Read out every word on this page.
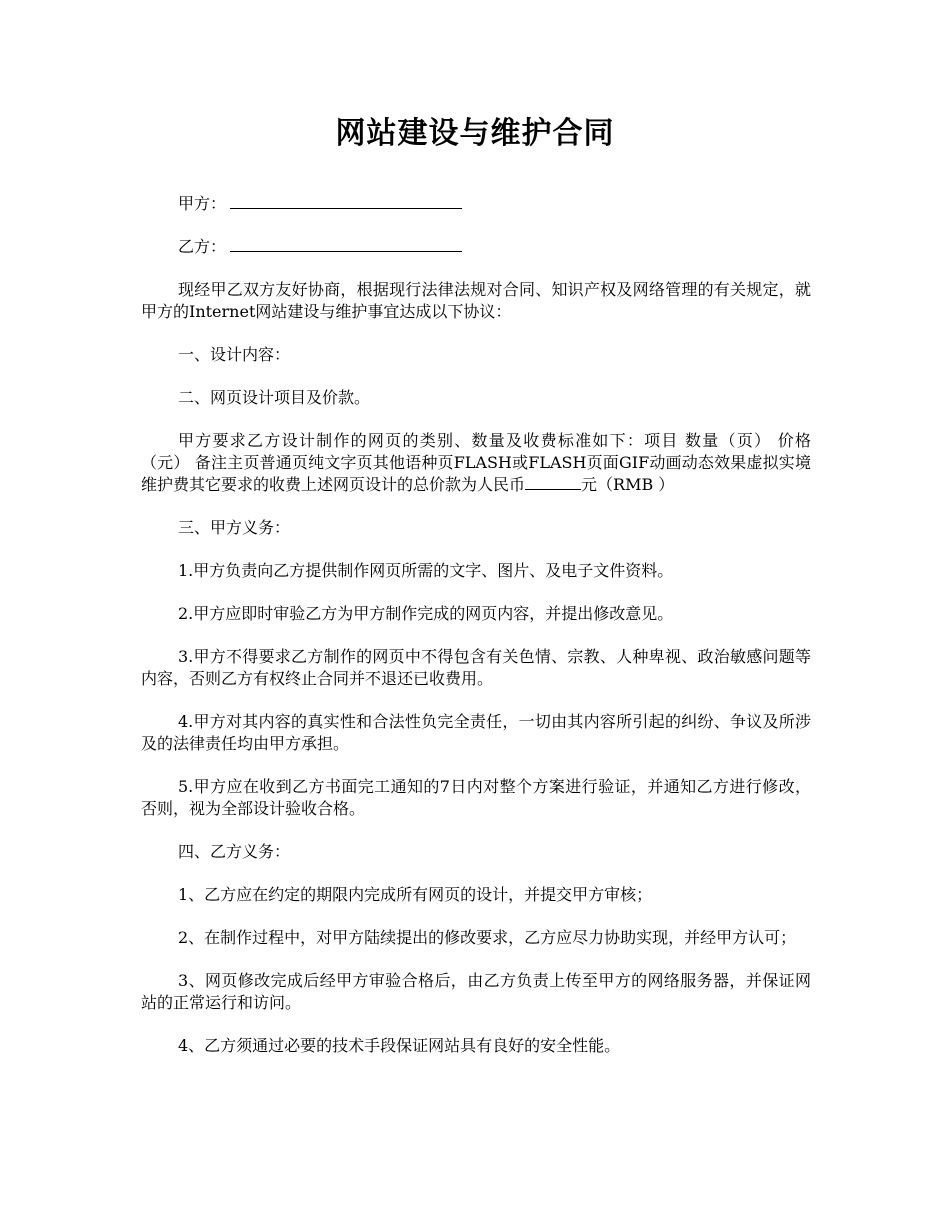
网站建设与维护合同

甲方：

乙方：

现经甲乙双方友好协商，根据现行法律法规对合同、知识产权及网络管理的有关规定，就甲方的Internet网站建设与维护事宜达成以下协议：

一、设计内容：

二、网页设计项目及价款。

甲方要求乙方设计制作的网页的类别、数量及收费标准如下：项目 数量（页） 价格（元） 备注主页普通页纯文字页其他语种页FLASH或FLASH页面GIF动画动态效果虚拟实境维护费其它要求的收费上述网页设计的总价款为人民币	元（RMB ）

三、甲方义务：

1.甲方负责向乙方提供制作网页所需的文字、图片、及电子文件资料。

2.甲方应即时审验乙方为甲方制作完成的网页内容，并提出修改意见。

3.甲方不得要求乙方制作的网页中不得包含有关色情、宗教、人种卑视、政治敏感问题等内容，否则乙方有权终止合同并不退还已收费用。

4.甲方对其内容的真实性和合法性负完全责任，一切由其内容所引起的纠纷、争议及所涉及的法律责任均由甲方承担。

5.甲方应在收到乙方书面完工通知的7日内对整个方案进行验证，并通知乙方进行修改，否则，视为全部设计验收合格。

四、乙方义务：

1、乙方应在约定的期限内完成所有网页的设计，并提交甲方审核；

2、在制作过程中，对甲方陆续提出的修改要求，乙方应尽力协助实现，并经甲方认可；

3、网页修改完成后经甲方审验合格后，由乙方负责上传至甲方的网络服务器，并保证网站的正常运行和访问。

4、乙方须通过必要的技术手段保证网站具有良好的安全性能。
